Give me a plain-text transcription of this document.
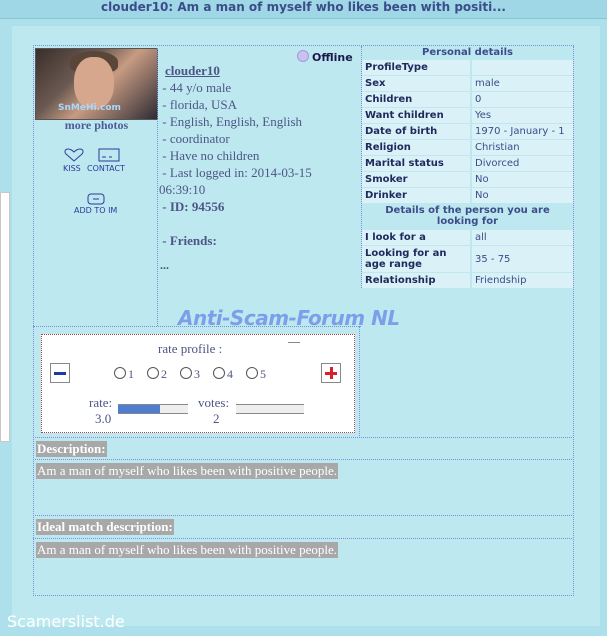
clouder10: Am a man of myself who likes been with positi...
SnMeHi.com
more photos
KISS CONTACT
ADD TO IM
Offline
clouder10
- 44 y/o male
- florida, USA
- English, English, English
- coordinator
- Have no children
- Last logged in: 2014-03-15
06:39:10
- ID: 94556

- Friends:
...
Personal details
ProfileType
Sex	male
Children	0
Want children	Yes
Date of birth	1970 - January - 1
Religion	Christian
Marital status	Divorced
Smoker	No
Drinker	No
Details of the person you are looking for
I look for a	all
Looking for an age range	35 - 75
Relationship	Friendship
Anti-Scam-Forum NL
rate profile :
1 2 3 4 5
rate:
3.0
votes:
2
Description:
Am a man of myself who likes been with positive people.
Ideal match description:
Am a man of myself who likes been with positive people.
Scamerslist.de
